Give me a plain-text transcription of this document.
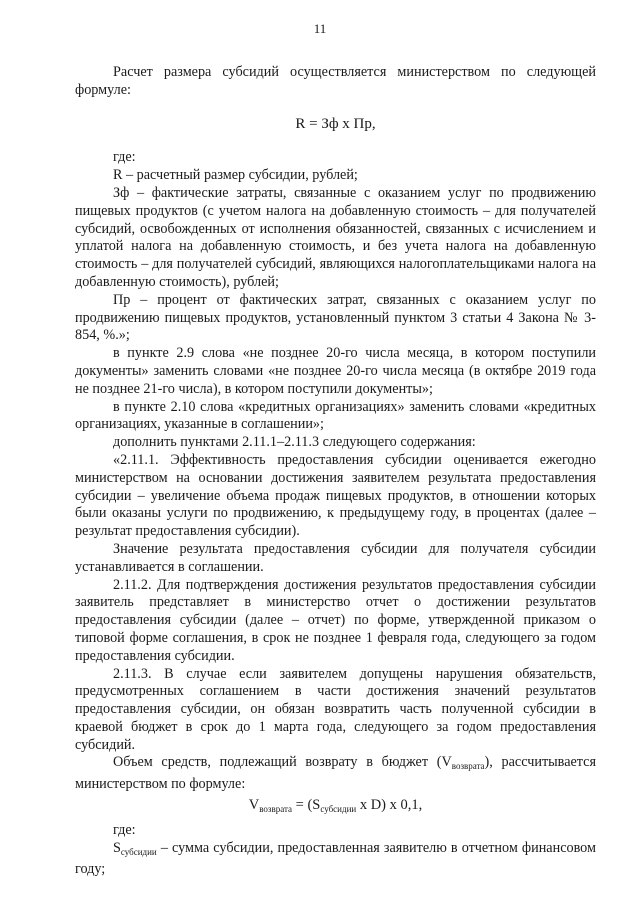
11

Расчет размера субсидий осуществляется министерством по следующей формуле:

R = Зф x Пр,

где:

R – расчетный размер субсидии, рублей;

Зф – фактические затраты, связанные с оказанием услуг по продвижению пищевых продуктов (с учетом налога на добавленную стоимость – для получателей субсидий, освобожденных от исполнения обязанностей, связанных с исчислением и уплатой налога на добавленную стоимость, и без учета налога на добавленную стоимость – для получателей субсидий, являющихся налогоплательщиками налога на добавленную стоимость), рублей;

Пр – процент от фактических затрат, связанных с оказанием услуг по продвижению пищевых продуктов, установленный пунктом 3 статьи 4 Закона № 3-854, %.»;

в пункте 2.9 слова «не позднее 20-го числа месяца, в котором поступили документы» заменить словами «не позднее 20-го числа месяца (в октябре 2019 года не позднее 21-го числа), в котором поступили документы»;

в пункте 2.10 слова «кредитных организациях» заменить словами «кредитных организациях, указанные в соглашении»;

дополнить пунктами 2.11.1–2.11.3 следующего содержания:

«2.11.1. Эффективность предоставления субсидии оценивается ежегодно министерством на основании достижения заявителем результата предоставления субсидии – увеличение объема продаж пищевых продуктов, в отношении которых были оказаны услуги по продвижению, к предыдущему году, в процентах (далее – результат предоставления субсидии).

Значение результата предоставления субсидии для получателя субсидии устанавливается в соглашении.

2.11.2. Для подтверждения достижения результатов предоставления субсидии заявитель представляет в министерство отчет о достижении результатов предоставления субсидии (далее – отчет) по форме, утвержденной приказом о типовой форме соглашения, в срок не позднее 1 февраля года, следующего за годом предоставления субсидии.

2.11.3. В случае если заявителем допущены нарушения обязательств, предусмотренных соглашением в части достижения значений результатов предоставления субсидии, он обязан возвратить часть полученной субсидии в краевой бюджет в срок до 1 марта года, следующего за годом предоставления субсидий.

Объем средств, подлежащий возврату в бюджет $(V_{возврата})$, рассчитывается министерством по формуле:

$V_{возврата} = (S_{субсидии}$ x D) x 0,1,

где:

$S_{субсидии}$ – сумма субсидии, предоставленная заявителю в отчетном финансовом году;
